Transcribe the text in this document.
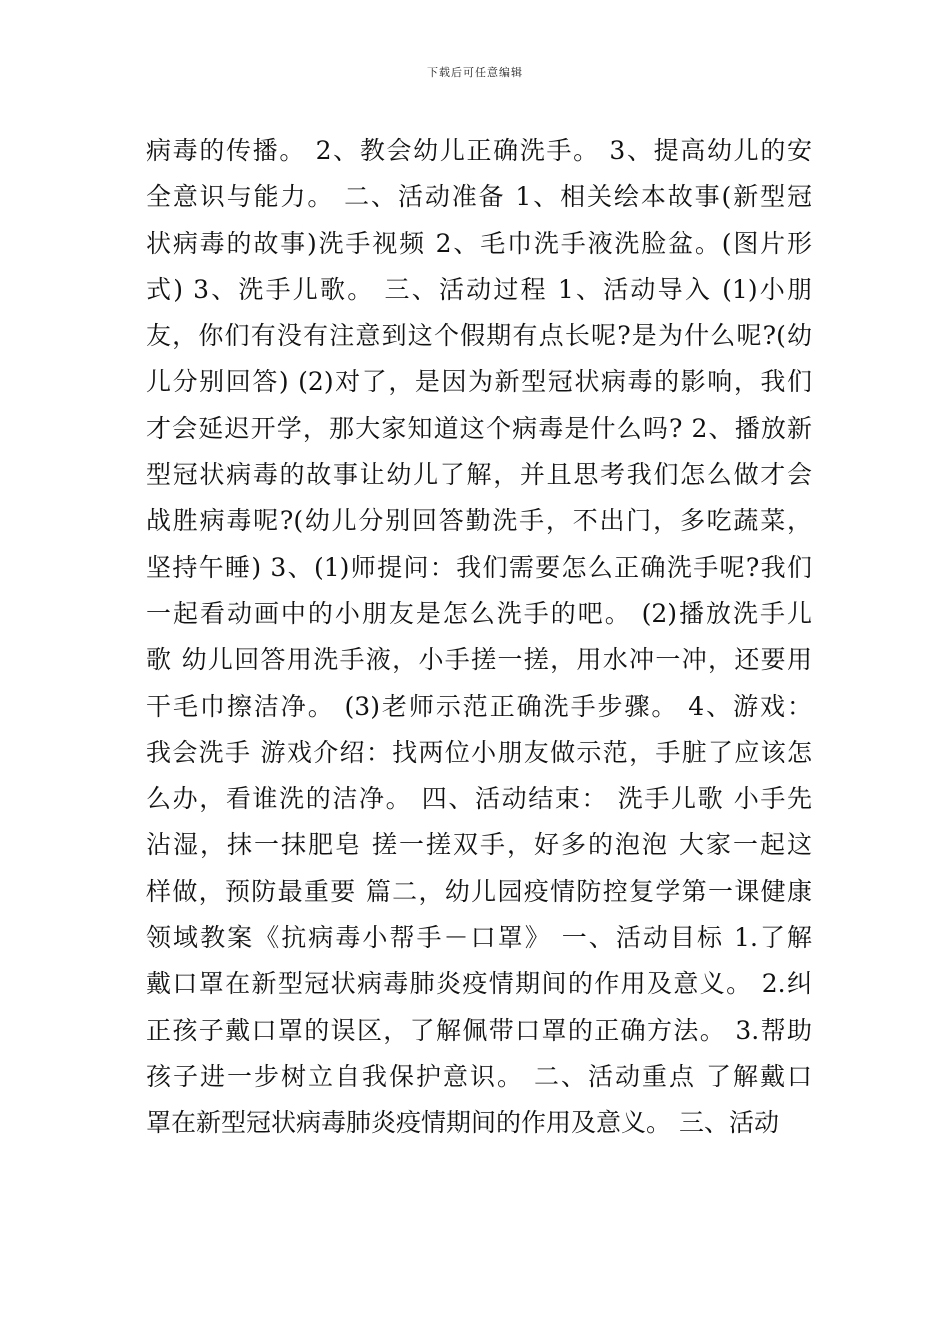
下载后可任意编辑
病毒的传播。 2、教会幼儿正确洗手。 3、提高幼儿的安
全意识与能力。 二、活动准备 1、相关绘本故事(新型冠
状病毒的故事)洗手视频 2、毛巾洗手液洗脸盆。(图片形
式) 3、洗手儿歌。 三、活动过程 1、活动导入 (1)小朋
友，你们有没有注意到这个假期有点长呢?是为什么呢?(幼
儿分别回答) (2)对了，是因为新型冠状病毒的影响，我们
才会延迟开学，那大家知道这个病毒是什么吗? 2、播放新
型冠状病毒的故事让幼儿了解，并且思考我们怎么做才会
战胜病毒呢?(幼儿分别回答勤洗手，不出门，多吃蔬菜，
坚持午睡) 3、(1)师提问：我们需要怎么正确洗手呢?我们
一起看动画中的小朋友是怎么洗手的吧。 (2)播放洗手儿
歌 幼儿回答用洗手液，小手搓一搓，用水冲一冲，还要用
干毛巾擦洁净。 (3)老师示范正确洗手步骤。 4、游戏：
我会洗手 游戏介绍：找两位小朋友做示范，手脏了应该怎
么办，看谁洗的洁净。 四、活动结束： 洗手儿歌 小手先
沾湿，抹一抹肥皂 搓一搓双手，好多的泡泡 大家一起这
样做，预防最重要 篇二，幼儿园疫情防控复学第一课健康
领域教案《抗病毒小帮手－口罩》 一、活动目标 1.了解
戴口罩在新型冠状病毒肺炎疫情期间的作用及意义。 2.纠
正孩子戴口罩的误区，了解佩带口罩的正确方法。 3.帮助
孩子进一步树立自我保护意识。 二、活动重点 了解戴口
罩在新型冠状病毒肺炎疫情期间的作用及意义。 三、活动
